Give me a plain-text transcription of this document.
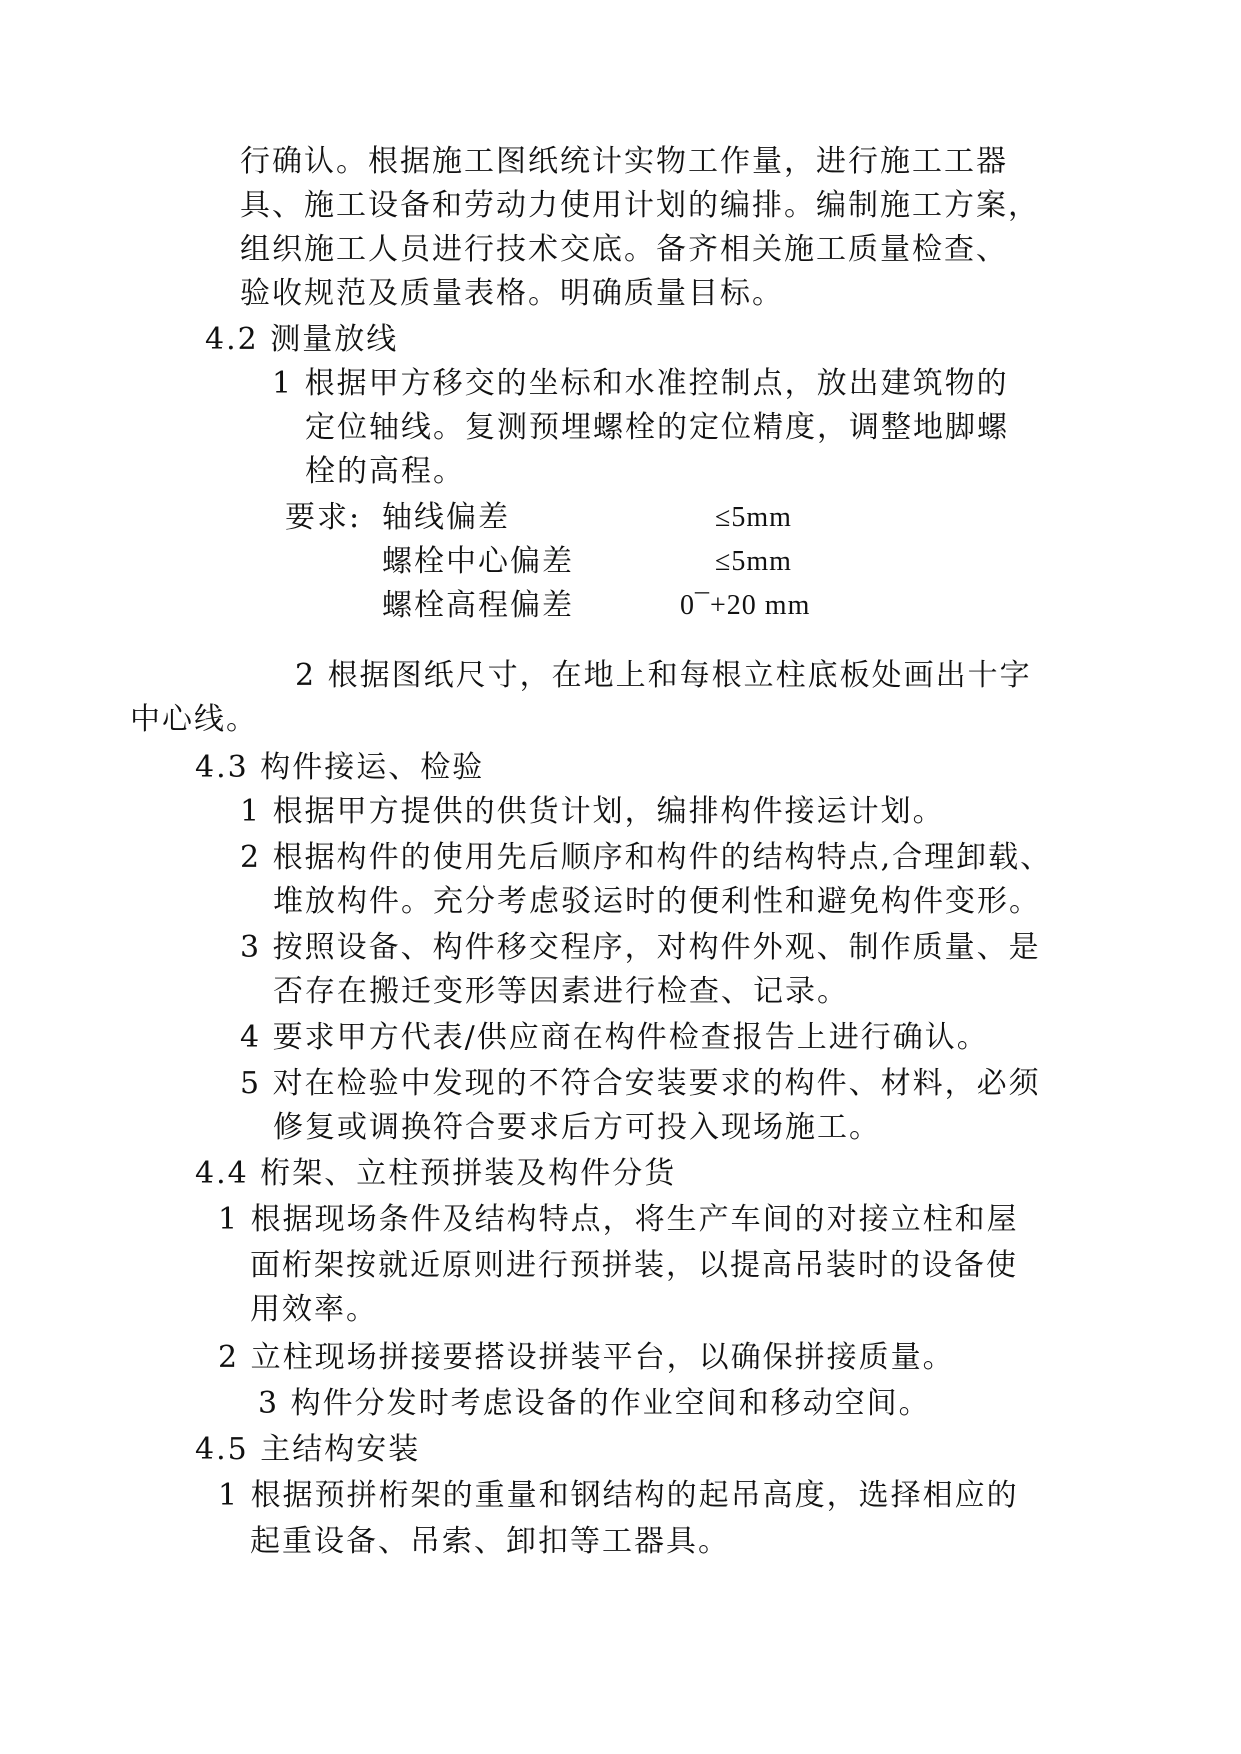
行确认。根据施工图纸统计实物工作量，进行施工工器
具、施工设备和劳动力使用计划的编排。编制施工方案，
组织施工人员进行技术交底。备齐相关施工质量检查、
验收规范及质量表格。明确质量目标。
4.2 测量放线
1 根据甲方移交的坐标和水准控制点，放出建筑物的
定位轴线。复测预埋螺栓的定位精度，调整地脚螺
栓的高程。
要求: 轴线偏差	≤5mm
螺栓中心偏差	≤5mm
螺栓高程偏差	0¯+20 mm
2 根据图纸尺寸，在地上和每根立柱底板处画出十字
中心线。
4.3 构件接运、检验
1 根据甲方提供的供货计划，编排构件接运计划。
2 根据构件的使用先后顺序和构件的结构特点,合理卸载、
堆放构件。充分考虑驳运时的便利性和避免构件变形。
3 按照设备、构件移交程序，对构件外观、制作质量、是
否存在搬迁变形等因素进行检查、记录。
4 要求甲方代表/供应商在构件检查报告上进行确认。
5 对在检验中发现的不符合安装要求的构件、材料，必须
修复或调换符合要求后方可投入现场施工。
4.4 桁架、立柱预拼装及构件分货
1 根据现场条件及结构特点，将生产车间的对接立柱和屋
面桁架按就近原则进行预拼装，以提高吊装时的设备使
用效率。
2 立柱现场拼接要搭设拼装平台，以确保拼接质量。
3 构件分发时考虑设备的作业空间和移动空间。
4.5 主结构安装
1 根据预拼桁架的重量和钢结构的起吊高度，选择相应的
起重设备、吊索、卸扣等工器具。
